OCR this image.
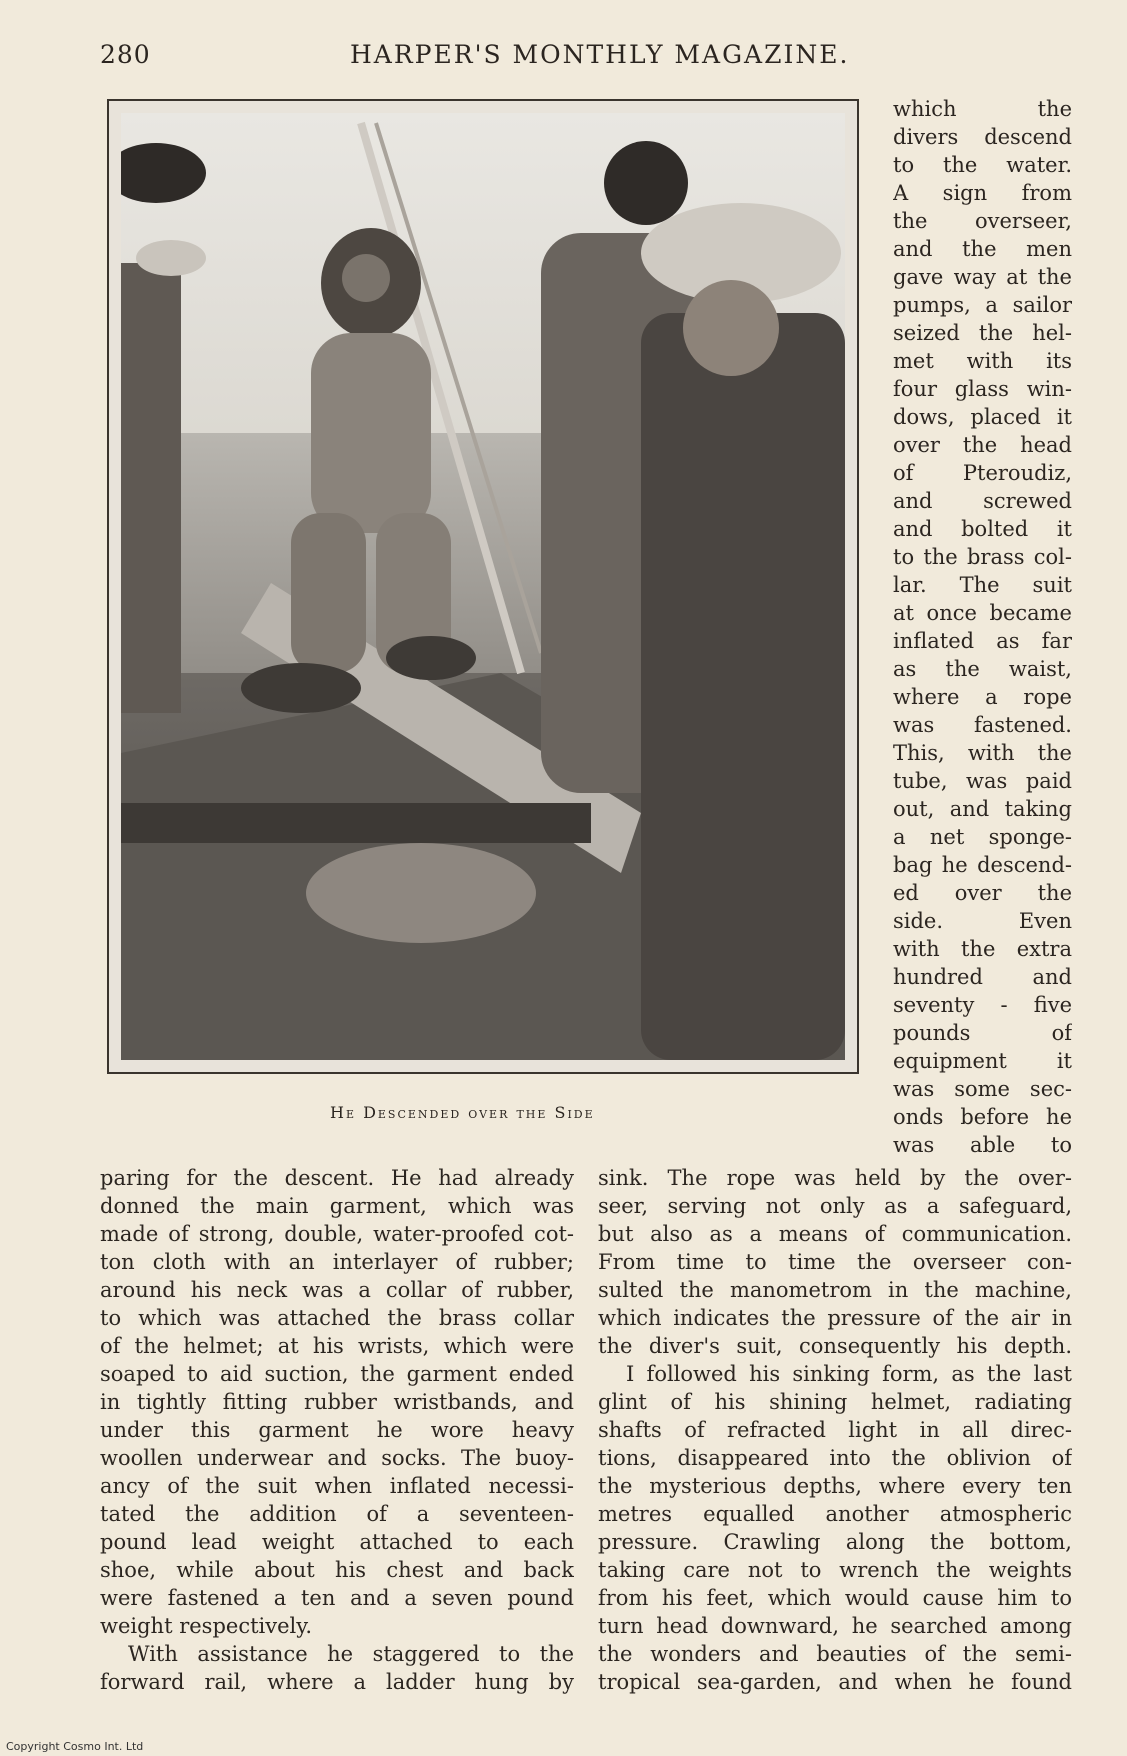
280	HARPER'S MONTHLY MAGAZINE.
He Descended over the Side
which the
divers descend
to the water.
A sign from
the overseer,
and the men
gave way at the
pumps, a sailor
seized the hel-
met with its
four glass win-
dows, placed it
over the head
of Pteroudiz,
and screwed
and bolted it
to the brass col-
lar. The suit
at once became
inflated as far
as the waist,
where a rope
was fastened.
This, with the
tube, was paid
out, and taking
a net sponge-
bag he descend-
ed over the
side. Even
with the extra
hundred and
seventy - five
pounds of
equipment it
was some sec-
onds before he
was able to
paring for the descent. He had already
donned the main garment, which was
made of strong, double, water-proofed cot-
ton cloth with an interlayer of rubber;
around his neck was a collar of rubber,
to which was attached the brass collar
of the helmet; at his wrists, which were
soaped to aid suction, the garment ended
in tightly fitting rubber wristbands, and
under this garment he wore heavy
woollen underwear and socks. The buoy-
ancy of the suit when inflated necessi-
tated the addition of a seventeen-
pound lead weight attached to each
shoe, while about his chest and back
were fastened a ten and a seven pound
weight respectively.
With assistance he staggered to the
forward rail, where a ladder hung by
sink. The rope was held by the over-
seer, serving not only as a safeguard,
but also as a means of communication.
From time to time the overseer con-
sulted the manometrom in the machine,
which indicates the pressure of the air in
the diver's suit, consequently his depth.
I followed his sinking form, as the last
glint of his shining helmet, radiating
shafts of refracted light in all direc-
tions, disappeared into the oblivion of
the mysterious depths, where every ten
metres equalled another atmospheric
pressure. Crawling along the bottom,
taking care not to wrench the weights
from his feet, which would cause him to
turn head downward, he searched among
the wonders and beauties of the semi-
tropical sea-garden, and when he found
Copyright Cosmo Int. Ltd
